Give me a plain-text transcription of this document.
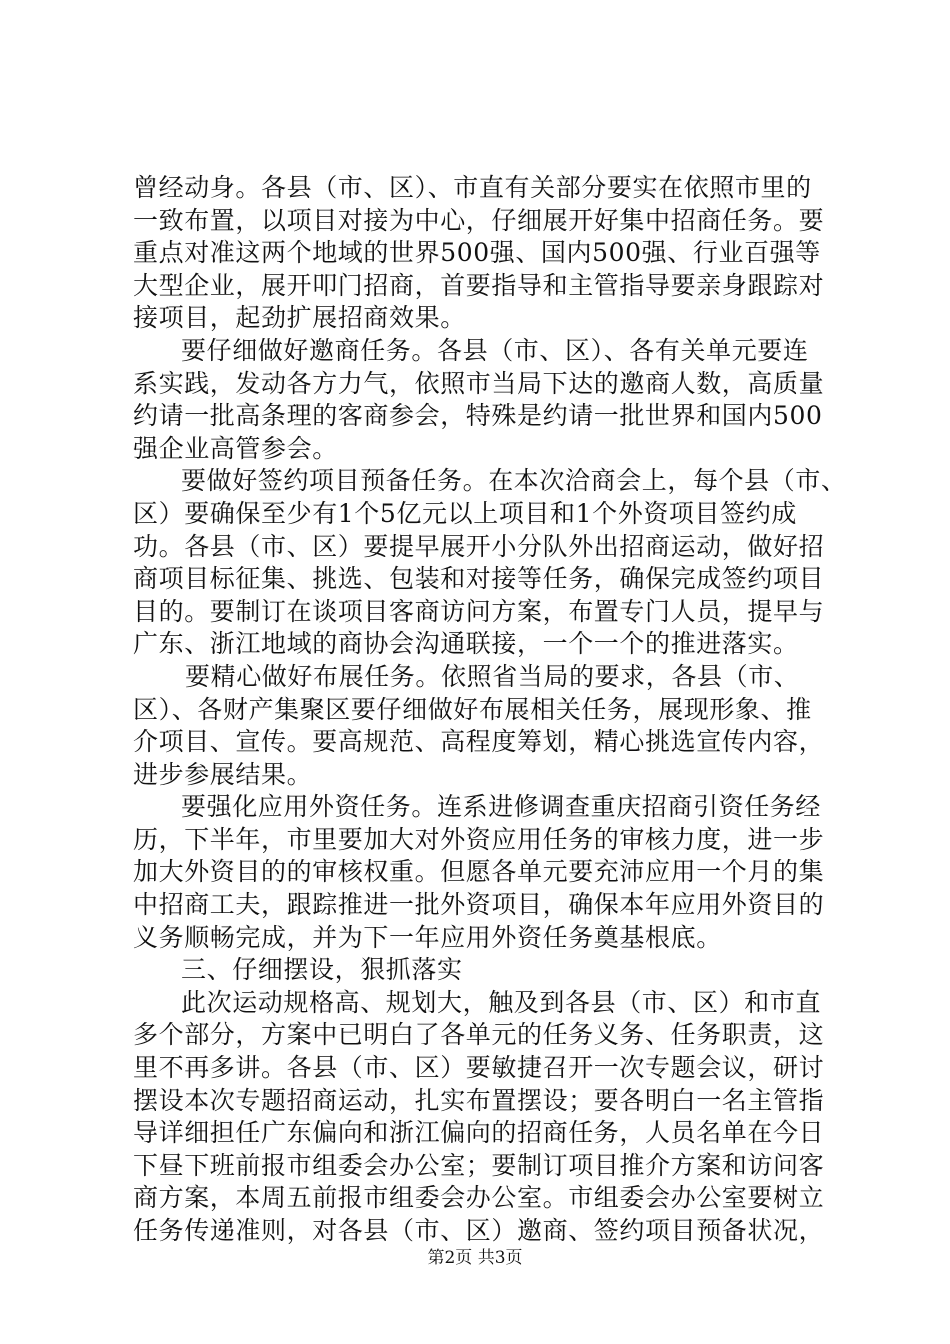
曾经动身。各县（市、区）、市直有关部分要实在依照市里的
一致布置，以项目对接为中心，仔细展开好集中招商任务。要
重点对准这两个地域的世界500强、国内500强、行业百强等
大型企业，展开叩门招商，首要指导和主管指导要亲身跟踪对
接项目，起劲扩展招商效果。
要仔细做好邀商任务。各县（市、区）、各有关单元要连
系实践，发动各方力气，依照市当局下达的邀商人数，高质量
约请一批高条理的客商参会，特殊是约请一批世界和国内500
强企业高管参会。
要做好签约项目预备任务。在本次洽商会上，每个县（市、
区）要确保至少有1个5亿元以上项目和1个外资项目签约成
功。各县（市、区）要提早展开小分队外出招商运动，做好招
商项目标征集、挑选、包装和对接等任务，确保完成签约项目
目的。要制订在谈项目客商访问方案，布置专门人员，提早与
广东、浙江地域的商协会沟通联接，一个一个的推进落实。
要精心做好布展任务。依照省当局的要求，各县（市、
区）、各财产集聚区要仔细做好布展相关任务，展现形象、推
介项目、宣传。要高规范、高程度筹划，精心挑选宣传内容，
进步参展结果。
要强化应用外资任务。连系进修调查重庆招商引资任务经
历，下半年，市里要加大对外资应用任务的审核力度，进一步
加大外资目的的审核权重。但愿各单元要充沛应用一个月的集
中招商工夫，跟踪推进一批外资项目，确保本年应用外资目的
义务顺畅完成，并为下一年应用外资任务奠基根底。
三、仔细摆设，狠抓落实
此次运动规格高、规划大，触及到各县（市、区）和市直
多个部分，方案中已明白了各单元的任务义务、任务职责，这
里不再多讲。各县（市、区）要敏捷召开一次专题会议，研讨
摆设本次专题招商运动，扎实布置摆设；要各明白一名主管指
导详细担任广东偏向和浙江偏向的招商任务，人员名单在今日
下昼下班前报市组委会办公室；要制订项目推介方案和访问客
商方案，本周五前报市组委会办公室。市组委会办公室要树立
任务传递准则，对各县（市、区）邀商、签约项目预备状况，
第2页 共3页
